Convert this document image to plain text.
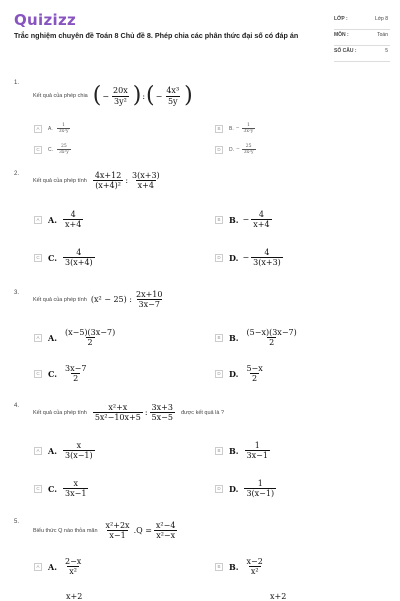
Quizizz
Trắc nghiệm chuyên đề Toán 8 Chủ đề 8. Phép chia các phân thức đại số có đáp án
LỚP :	Lớp 8
MÔN :	Toán
SỐ CÂU :	5
1.
Kết quả của phép chia ( − $\frac{20x}{\text{3y²}}$ ) : ( − $\frac{\text{4x³}}{5y}$ )
A	A. $\frac{1}{\text{3x²y}}$	B	B. − $\frac{1}{\text{3x²y}}$
C	C. $\frac{25}{\text{3x²y}}$	D	D. − $\frac{25}{\text{3x²y}}$
2.
Kết quả của phép tính $\frac{4x+12}{\text{(x+4)²}}$ : $\frac{3(x+3)}{x+4}$
A	A. $\frac{4}{x+4}$	B	B. − $\frac{4}{x+4}$
C C. $\frac{4}{3(x+4)}$	D D. − $\frac{4}{3(x+3)}$
3.
Kết quả của phép tính (x² − 25) : $\frac{2x+10}{3x-7}$
A	A. $\frac{(x-5)(3x-7)}{2}$	B	B. $\frac{(5-x)(3x-7)}{2}$
C C. $\frac{3x-7}{2}$	D D. $\frac{5-x}{2}$
4.
Kết quả của phép tính $\frac{\text{x²+x}}{\text{5x²−10x+5}}$ : $\frac{3x+3}{5x-5}$ được kết quả là ?
A	A. $\frac{x}{3(x-1)}$	B	B. $\frac{1}{3x-1}$
C C. $\frac{x}{3x-1}$	D D. $\frac{1}{3(x-1)}$
5.
Biểu thức Q nào thỏa mãn $\frac{\text{x²+2x}}{x-1} .Q = \frac{\text{x²−4}}{\text{x²−x}}$
A	A. $\frac{2-x}{\text{x²}}$	B	B. $\frac{x-2}{\text{x²}}$
x+2	x+2
